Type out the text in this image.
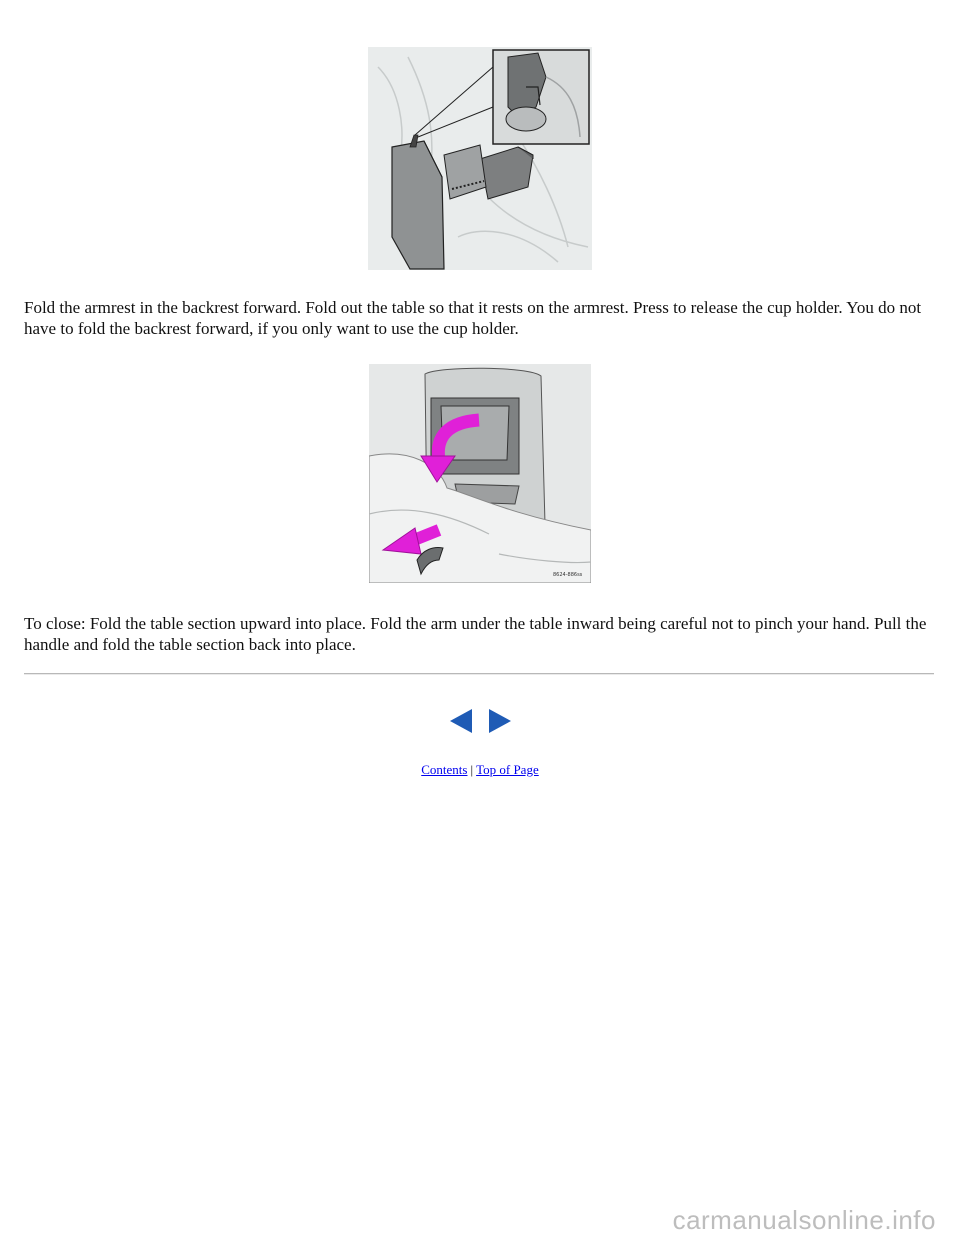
Fold the armrest in the backrest forward. Fold out the table so that it rests on the armrest. Press to release the cup holder. You do not have to fold the backrest forward, if you only want to use the cup holder.

8624-886ss

To close: Fold the table section upward into place. Fold the arm under the table inward being careful not to pinch your hand. Pull the handle and fold the table section back into place.

Contents | Top of Page
carmanualsonline.info
